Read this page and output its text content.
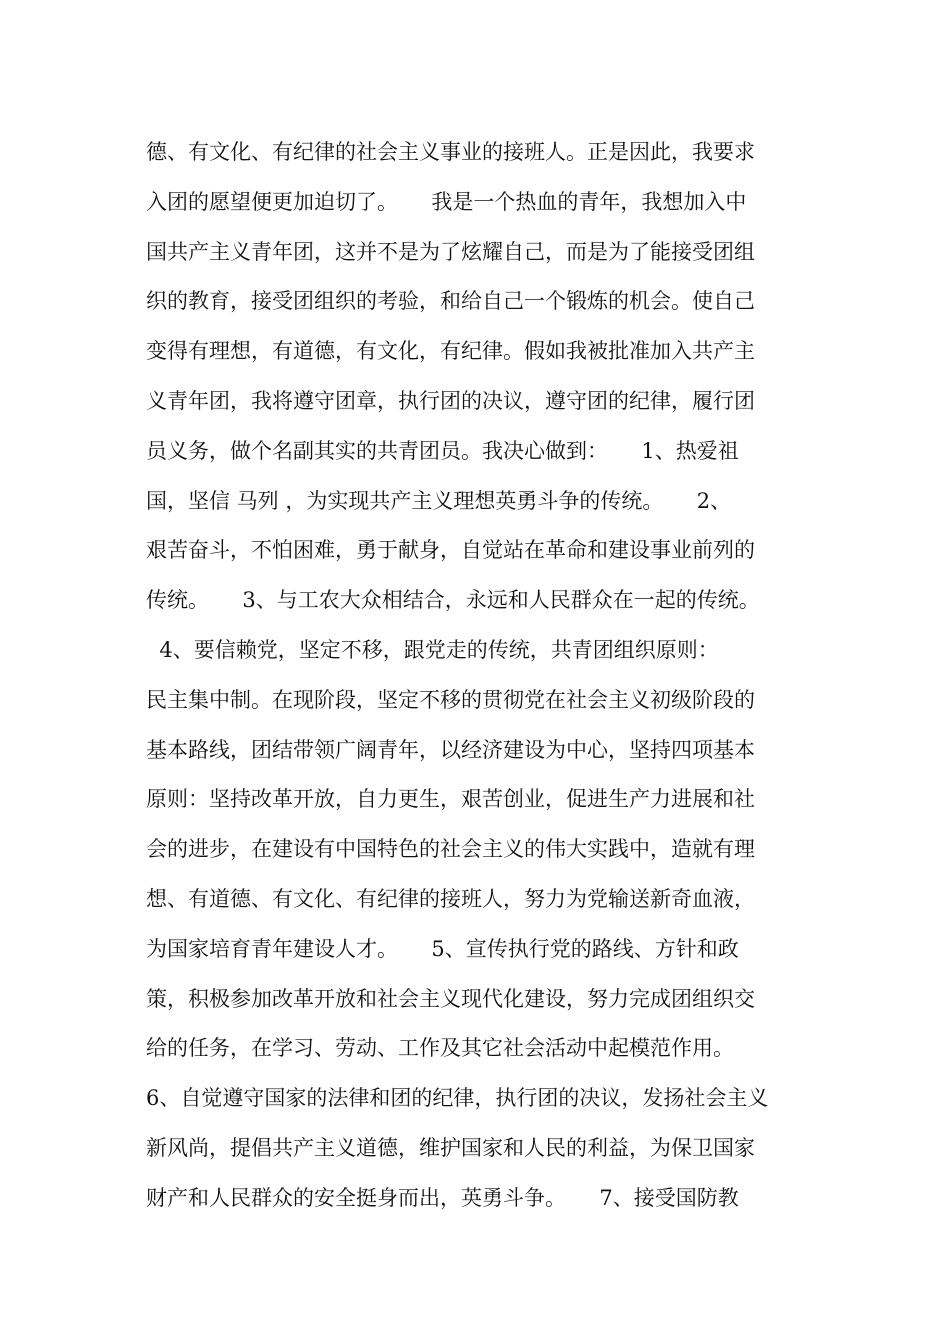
德、有文化、有纪律的社会主义事业的接班人。正是因此，我要求
入团的愿望便更加迫切了。     我是一个热血的青年，我想加入中
国共产主义青年团，这并不是为了炫耀自己，而是为了能接受团组
织的教育，接受团组织的考验，和给自己一个锻炼的机会。使自己
变得有理想，有道德，有文化，有纪律。假如我被批准加入共产主
义青年团，我将遵守团章，执行团的决议，遵守团的纪律，履行团
员义务，做个名副其实的共青团员。我决心做到：     1、热爱祖
国，坚信 马列 ，为实现共产主义理想英勇斗争的传统。     2、
艰苦奋斗，不怕困难，勇于献身，自觉站在革命和建设事业前列的
传统。     3、与工农大众相结合，永远和人民群众在一起的传统。
4、要信赖党，坚定不移，跟党走的传统，共青团组织原则：
民主集中制。在现阶段，坚定不移的贯彻党在社会主义初级阶段的
基本路线，团结带领广阔青年，以经济建设为中心，坚持四项基本
原则：坚持改革开放，自力更生，艰苦创业，促进生产力进展和社
会的进步，在建设有中国特色的社会主义的伟大实践中，造就有理
想、有道德、有文化、有纪律的接班人，努力为党输送新奇血液，
为国家培育青年建设人才。     5、宣传执行党的路线、方针和政
策，积极参加改革开放和社会主义现代化建设，努力完成团组织交
给的任务，在学习、劳动、工作及其它社会活动中起模范作用。
6、自觉遵守国家的法律和团的纪律，执行团的决议，发扬社会主义
新风尚，提倡共产主义道德，维护国家和人民的利益，为保卫国家
财产和人民群众的安全挺身而出，英勇斗争。     7、接受国防教
